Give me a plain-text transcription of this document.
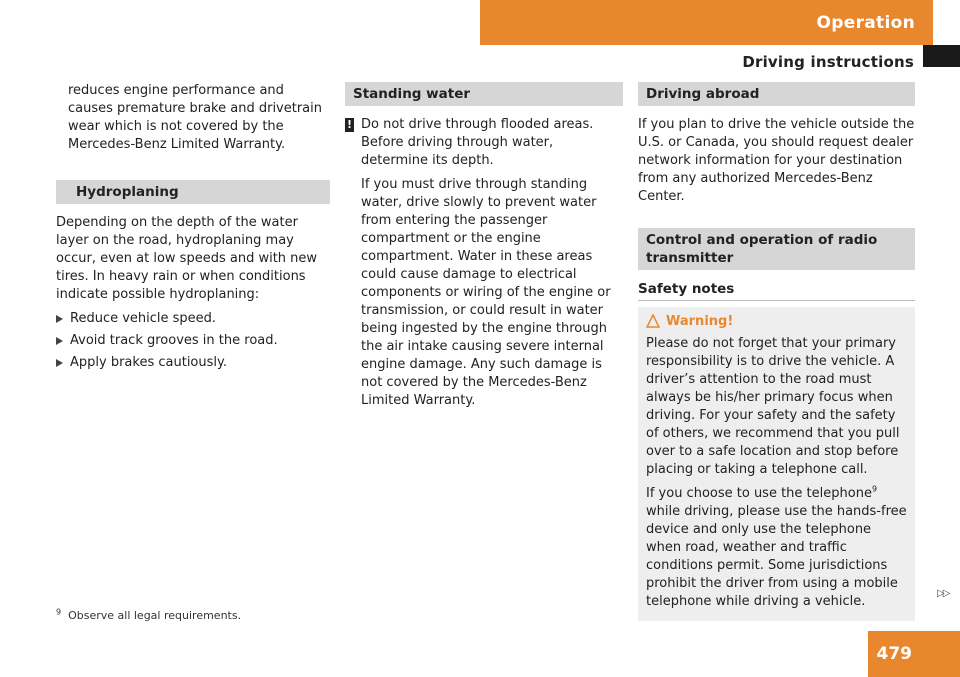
Operation
Driving instructions

reduces engine performance and causes premature brake and drivetrain wear which is not covered by the Mercedes-Benz Limited Warranty.

Hydroplaning

Depending on the depth of the water layer on the road, hydroplaning may occur, even at low speeds and with new tires. In heavy rain or when conditions indicate possible hydroplaning:

Reduce vehicle speed.
Avoid track grooves in the road.
Apply brakes cautiously.
Standing water
! Do not drive through flooded areas. Before driving through water, determine its depth.

If you must drive through standing water, drive slowly to prevent water from entering the passenger compartment or the engine compartment. Water in these areas could cause damage to electrical components or wiring of the engine or transmission, or could result in water being ingested by the engine through the air intake causing severe internal engine damage. Any such damage is not covered by the Mercedes-Benz Limited Warranty.

Driving abroad

If you plan to drive the vehicle outside the U.S. or Canada, you should request dealer network information for your destination from any authorized Mercedes-Benz Center.

Control and operation of radio transmitter
Safety notes
Warning!

Please do not forget that your primary responsibility is to drive the vehicle. A driver’s attention to the road must always be his/her primary focus when driving. For your safety and the safety of others, we recommend that you pull over to a safe location and stop before placing or taking a telephone call.

If you choose to use the telephone$^9$ while driving, please use the hands-free device and only use the telephone when road, weather and traffic conditions permit. Some jurisdictions prohibit the driver from using a mobile telephone while driving a vehicle.

▷▷
$^9$ Observe all legal requirements.
479
